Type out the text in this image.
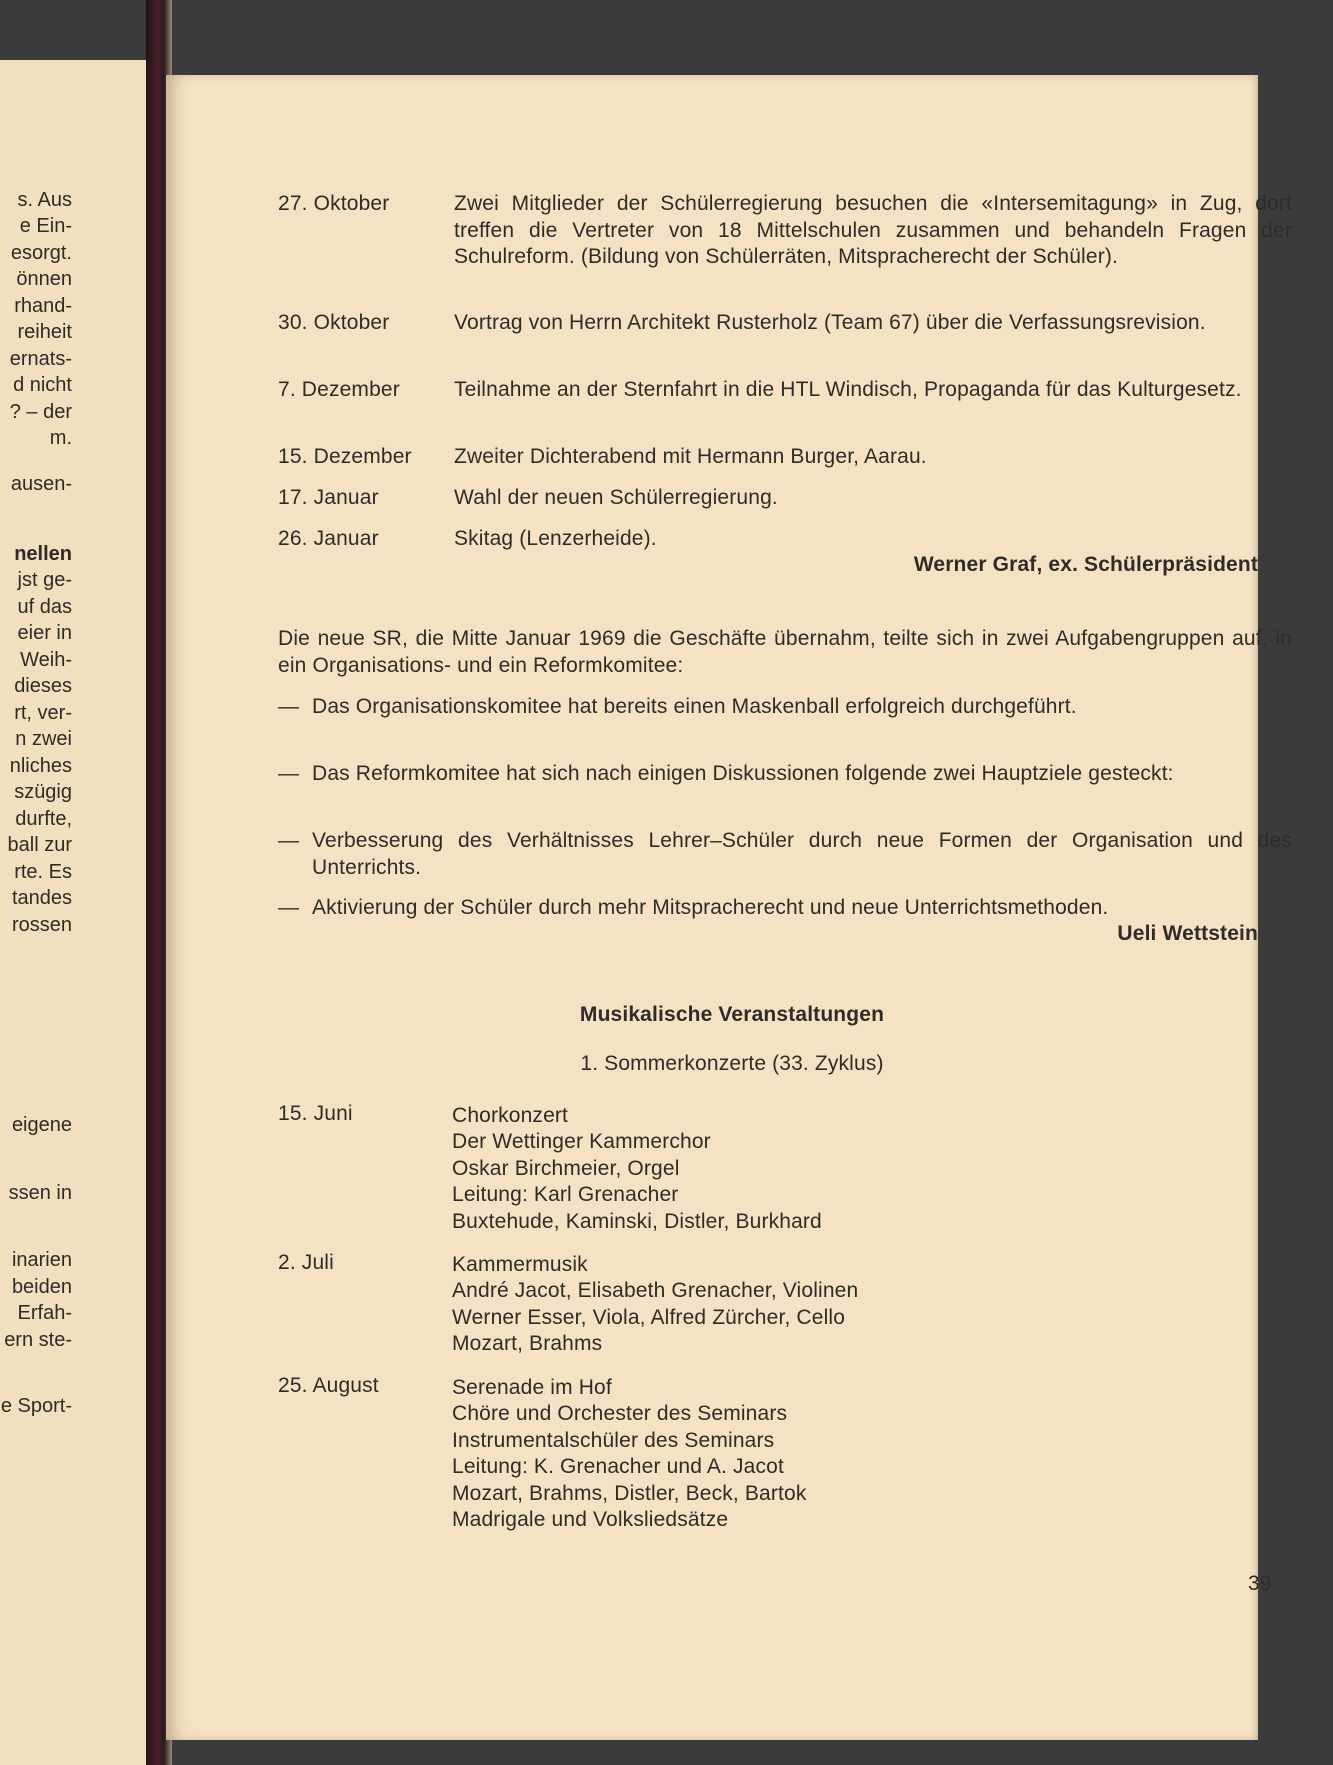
s. Aus
e Ein-
esorgt.
önnen
rhand-
reiheit
ernats-
d nicht
? – der
m.
ausen-
nellen
jst ge-
uf das
eier in
Weih-
dieses
rt, ver-
n zwei
nliches
szügig
durfte,
ball zur
rte. Es
tandes
rossen
eigene
ssen in
inarien
beiden
Erfah-
ern ste-
e Sport-
27. Oktober	Zwei Mitglieder der Schülerregierung besuchen die «Intersemitagung» in Zug, dort treffen die Vertreter von 18 Mittelschulen zusammen und behandeln Fragen der Schulreform. (Bildung von Schülerräten, Mitspracherecht der Schüler).
30. Oktober	Vortrag von Herrn Architekt Rusterholz (Team 67) über die Verfassungsrevision.
7. Dezember	Teilnahme an der Sternfahrt in die HTL Windisch, Propaganda für das Kulturgesetz.
15. Dezember Zweiter Dichterabend mit Hermann Burger, Aarau.
17. Januar	Wahl der neuen Schülerregierung.
26. Januar	Skitag (Lenzerheide).
Werner Graf, ex. Schülerpräsident
Die neue SR, die Mitte Januar 1969 die Geschäfte übernahm, teilte sich in zwei Aufgabengruppen auf, in ein Organisations- und ein Reformkomitee:
— Das Organisationskomitee hat bereits einen Maskenball erfolgreich durchgeführt.
— Das Reformkomitee hat sich nach einigen Diskussionen folgende zwei Hauptziele gesteckt:
— Verbesserung des Verhältnisses Lehrer–Schüler durch neue Formen der Organisation und des Unterrichts.
— Aktivierung der Schüler durch mehr Mitspracherecht und neue Unterrichtsmethoden.
Ueli Wettstein
Musikalische Veranstaltungen
1. Sommerkonzerte (33. Zyklus)
15. Juni	Chorkonzert
Der Wettinger Kammerchor
Oskar Birchmeier, Orgel
Leitung: Karl Grenacher
Buxtehude, Kaminski, Distler, Burkhard
2. Juli	Kammermusik
André Jacot, Elisabeth Grenacher, Violinen
Werner Esser, Viola, Alfred Zürcher, Cello
Mozart, Brahms
25. August	Serenade im Hof
Chöre und Orchester des Seminars
Instrumentalschüler des Seminars
Leitung: K. Grenacher und A. Jacot
Mozart, Brahms, Distler, Beck, Bartok
Madrigale und Volksliedsätze
39
